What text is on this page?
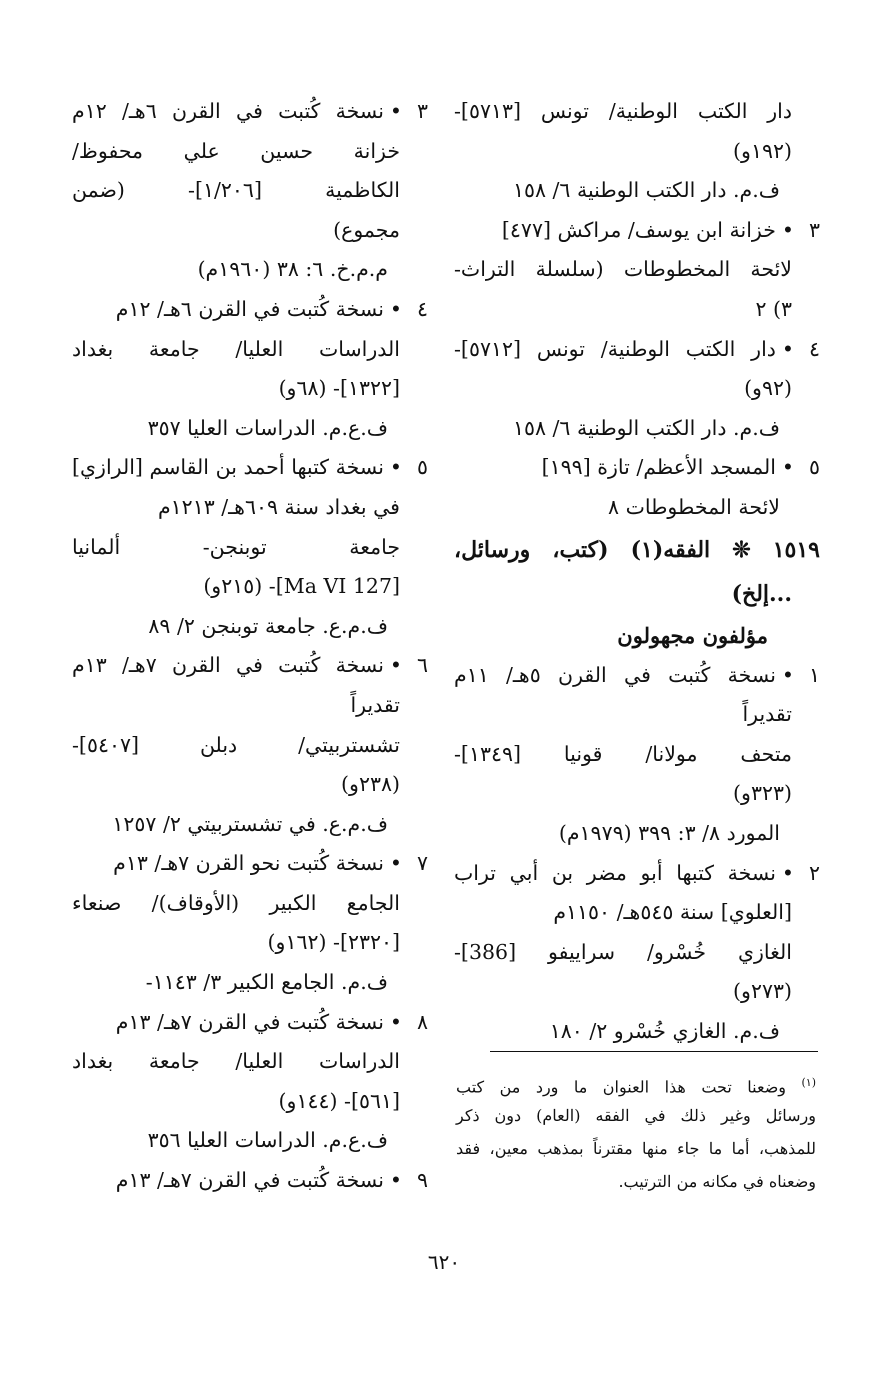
دار الكتب الوطنية/ تونس [٥٧١٣]-
(١٩٢و)
ف.م. دار الكتب الوطنية ٦/ ١٥٨
٣•خزانة ابن يوسف/ مراكش [٤٧٧]
لائحة المخطوطات (سلسلة التراث-
٣) ٢
٤•دار الكتب الوطنية/ تونس [٥٧١٢]-
(٩٢و)
ف.م. دار الكتب الوطنية ٦/ ١٥٨
٥•المسجد الأعظم/ تازة [١٩٩]
لائحة المخطوطات ٨
١٥١٩ ❊ الفقه(١) (كتب، ورسائل،
...إلخ)
مؤلفون مجهولون
١•نسخة كُتبت في القرن ٥هـ/ ١١م
تقديراً
متحف مولانا/ قونيا [١٣٤٩]-
(٣٢٣و)
المورد ٨/ ٣: ٣٩٩ (١٩٧٩م)
٢•نسخة كتبها أبو مضر بن أبي تراب
[العلوي] سنة ٥٤٥هـ/ ١١٥٠م
الغازي خُسْرو/ سراييفو [386]-
(٢٧٣و)
ف.م. الغازي خُسْرو ٢/ ١٨٠
٣•نسخة كُتبت في القرن ٦هـ/ ١٢م
خزانة حسين علي محفوظ/
الكاظمية [١/٢٠٦]- (ضمن
مجموع)
م.م.خ. ٦: ٣٨ (١٩٦٠م)
٤•نسخة كُتبت في القرن ٦هـ/ ١٢م
الدراسات العليا/ جامعة بغداد
[١٣٢٢]- (٦٨و)
ف.ع.م. الدراسات العليا ٣٥٧
٥•نسخة كتبها أحمد بن القاسم [الرازي]
في بغداد سنة ٦٠٩هـ/ ١٢١٣م
جامعة توبنجن- ألمانيا
[Ma VI 127]- (٢١٥و)
ف.م.ع. جامعة توبنجن ٢/ ٨٩
٦•نسخة كُتبت في القرن ٧هـ/ ١٣م
تقديراً
تشستربيتي/ دبلن [٥٤٠٧]-
(٢٣٨و)
ف.م.ع. في تشستربيتي ٢/ ١٢٥٧
٧•نسخة كُتبت نحو القرن ٧هـ/ ١٣م
الجامع الكبير (الأوقاف)/ صنعاء
[٢٣٢٠]- (١٦٢و)
ف.م. الجامع الكبير ٣/ ١١٤٣-
٨•نسخة كُتبت في القرن ٧هـ/ ١٣م
الدراسات العليا/ جامعة بغداد
[٥٦١]- (١٤٤و)
ف.ع.م. الدراسات العليا ٣٥٦
٩•نسخة كُتبت في القرن ٧هـ/ ١٣م
$^{(١)}$ وضعنا تحت هذا العنوان ما ورد من كتب
ورسائل وغير ذلك في الفقه (العام) دون ذكر
للمذهب، أما ما جاء منها مقترناً بمذهب معين، فقد
وضعناه في مكانه من الترتيب.
٦٢٠
